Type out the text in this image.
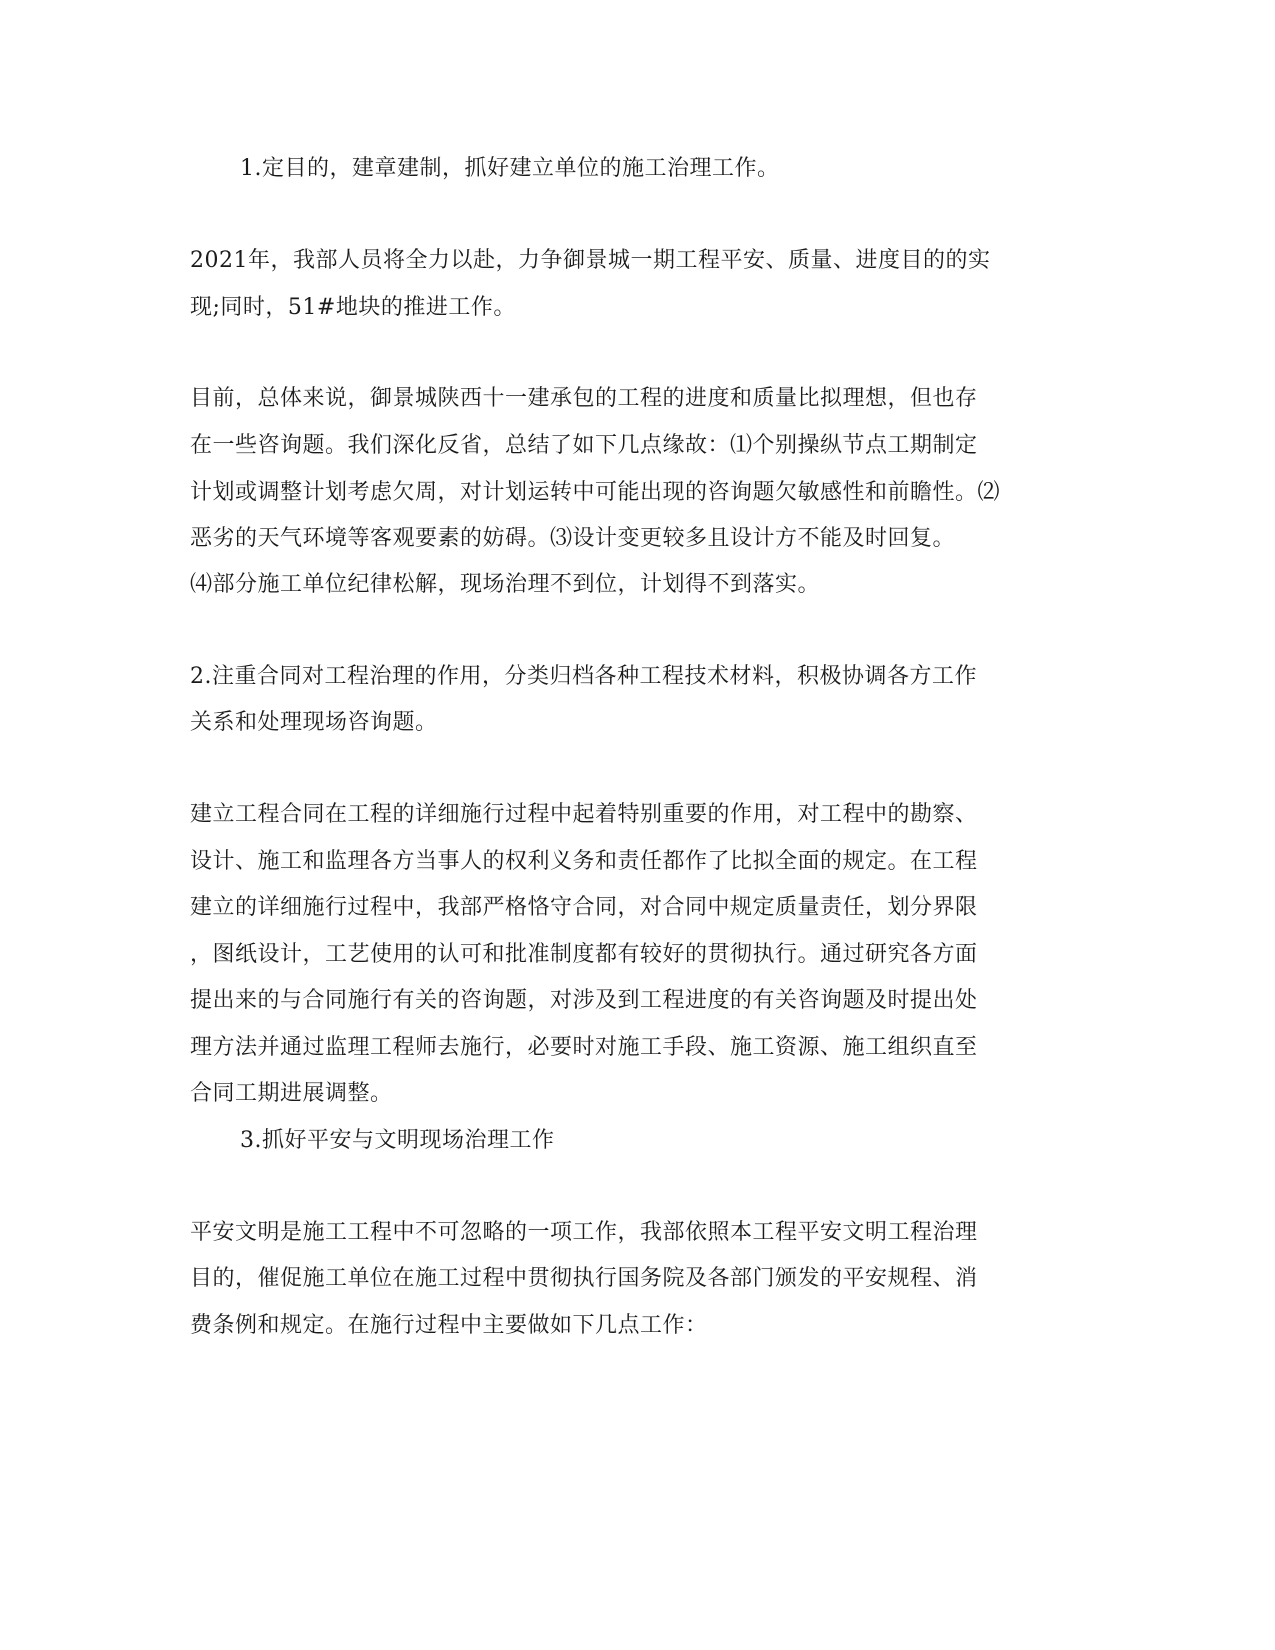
1.定目的，建章建制，抓好建立单位的施工治理工作。
2021年，我部人员将全力以赴，力争御景城一期工程平安、质量、进度目的的实
现;同时，51#地块的推进工作。
目前，总体来说，御景城陕西十一建承包的工程的进度和质量比拟理想，但也存
在一些咨询题。我们深化反省，总结了如下几点缘故：⑴个别操纵节点工期制定
计划或调整计划考虑欠周，对计划运转中可能出现的咨询题欠敏感性和前瞻性。⑵
恶劣的天气环境等客观要素的妨碍。⑶设计变更较多且设计方不能及时回复。
⑷部分施工单位纪律松解，现场治理不到位，计划得不到落实。
2.注重合同对工程治理的作用，分类归档各种工程技术材料，积极协调各方工作
关系和处理现场咨询题。
建立工程合同在工程的详细施行过程中起着特别重要的作用，对工程中的勘察、
设计、施工和监理各方当事人的权利义务和责任都作了比拟全面的规定。在工程
建立的详细施行过程中，我部严格恪守合同，对合同中规定质量责任，划分界限
，图纸设计，工艺使用的认可和批准制度都有较好的贯彻执行。通过研究各方面
提出来的与合同施行有关的咨询题，对涉及到工程进度的有关咨询题及时提出处
理方法并通过监理工程师去施行，必要时对施工手段、施工资源、施工组织直至
合同工期进展调整。
3.抓好平安与文明现场治理工作
平安文明是施工工程中不可忽略的一项工作，我部依照本工程平安文明工程治理
目的，催促施工单位在施工过程中贯彻执行国务院及各部门颁发的平安规程、消
费条例和规定。在施行过程中主要做如下几点工作：
